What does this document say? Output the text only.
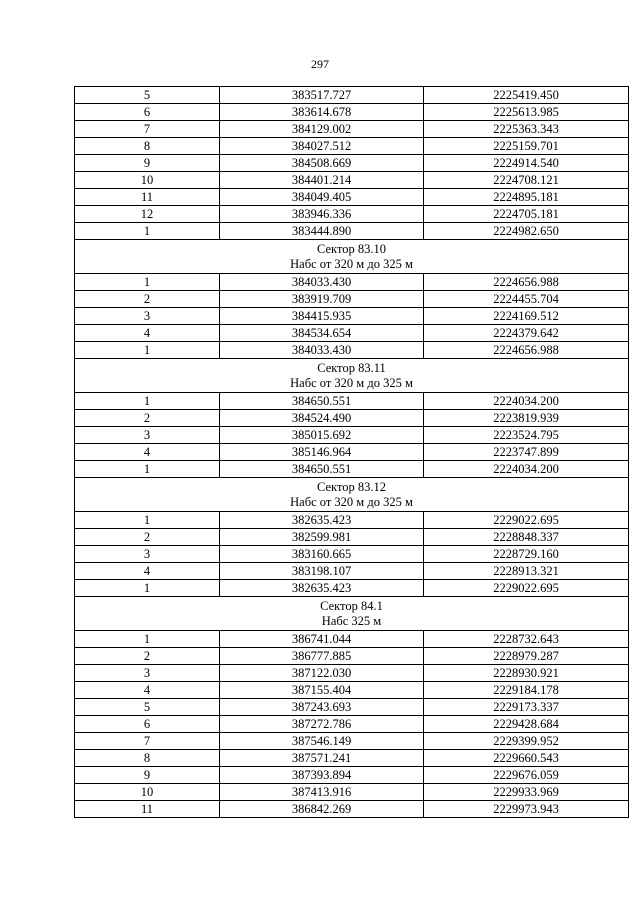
297
5	383517.727	2225419.450
6	383614.678	2225613.985
7	384129.002	2225363.343
8	384027.512	2225159.701
9	384508.669	2224914.540
10	384401.214	2224708.121
11	384049.405	2224895.181
12	383946.336	2224705.181
1	383444.890	2224982.650

Сектор 83.10
Набс от 320 м до 325 м		

1	384033.430	2224656.988
2	383919.709	2224455.704
3	384415.935	2224169.512
4	384534.654	2224379.642
1	384033.430	2224656.988

Сектор 83.11
Набс от 320 м до 325 м		

1	384650.551	2224034.200
2	384524.490	2223819.939
3	385015.692	2223524.795
4	385146.964	2223747.899
1	384650.551	2224034.200

Сектор 83.12
Набс от 320 м до 325 м		

1	382635.423	2229022.695
2	382599.981	2228848.337
3	383160.665	2228729.160
4	383198.107	2228913.321
1	382635.423	2229022.695

Сектор 84.1
Набс 325 м		

1	386741.044	2228732.643
2	386777.885	2228979.287
3	387122.030	2228930.921
4	387155.404	2229184.178
5	387243.693	2229173.337
6	387272.786	2229428.684
7	387546.149	2229399.952
8	387571.241	2229660.543
9	387393.894	2229676.059
10	387413.916	2229933.969
11	386842.269	2229973.943
